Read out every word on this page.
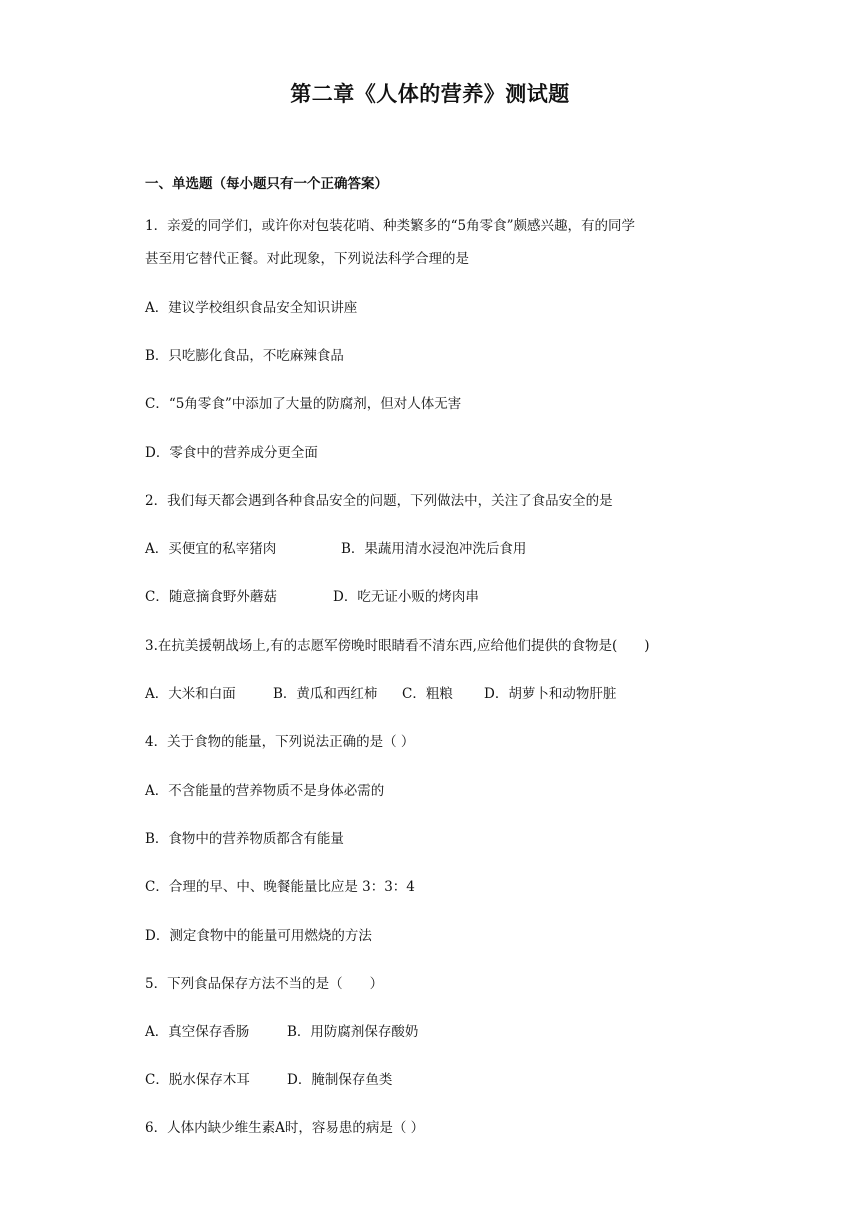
第二章《人体的营养》测试题
一、单选题（每小题只有一个正确答案）
1．亲爱的同学们，或许你对包装花哨、种类繁多的“5角零食”颇感兴趣，有的同学
甚至用它替代正餐。对此现象，下列说法科学合理的是
A．建议学校组织食品安全知识讲座
B．只吃膨化食品，不吃麻辣食品
C．“5角零食”中添加了大量的防腐剂，但对人体无害
D．零食中的营养成分更全面
2．我们每天都会遇到各种食品安全的问题，下列做法中，关注了食品安全的是
A．买便宜的私宰猪肉	B．果蔬用清水浸泡冲洗后食用
C．随意摘食野外蘑菇	D．吃无证小贩的烤肉串
3.在抗美援朝战场上,有的志愿军傍晚时眼睛看不清东西,应给他们提供的食物是(　　)
A．大米和白面	B．黄瓜和西红柿 C．粗粮 D．胡萝卜和动物肝脏
4．关于食物的能量，下列说法正确的是（ ）
A．不含能量的营养物质不是身体必需的
B．食物中的营养物质都含有能量
C．合理的早、中、晚餐能量比应是 3：3：4
D．测定食物中的能量可用燃烧的方法
5．下列食品保存方法不当的是（　　）
A．真空保存香肠	B．用防腐剂保存酸奶
C．脱水保存木耳	D．腌制保存鱼类
6．人体内缺少维生素A时，容易患的病是（ ）
